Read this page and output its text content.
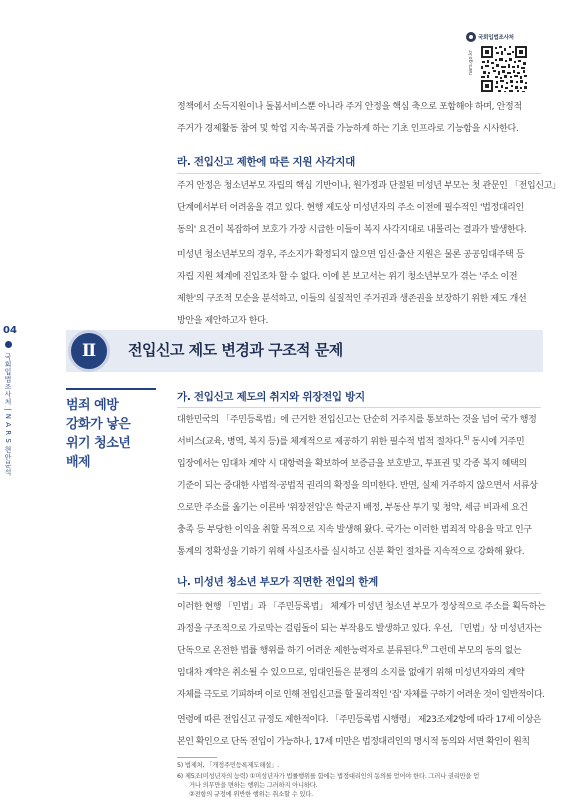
국회입법조사처
nars.go.kr
정책에서 소득지원이나 돌봄서비스뿐 아니라 주거 안정을 핵심 축으로 포함해야 하며, 안정적
주거가 경제활동 참여 및 학업 지속·복귀를 가능하게 하는 기초 인프라로 기능함을 시사한다.
라. 전입신고 제한에 따른 지원 사각지대
주거 안정은 청소년부모 자립의 핵심 기반이나, 원가정과 단절된 미성년 부모는 첫 관문인 「전입신고」
단계에서부터 어려움을 겪고 있다. 현행 제도상 미성년자의 주소 이전에 필수적인 '법정대리인
동의' 요건이 복잡하여 보호가 가장 시급한 이들이 복지 사각지대로 내몰리는 결과가 발생한다.
미성년 청소년부모의 경우, 주소지가 확정되지 않으면 임신·출산 지원은 물론 공공임대주택 등
자립 지원 체계에 진입조차 할 수 없다. 이에 본 보고서는 위기 청소년부모가 겪는 '주소 이전
제한'의 구조적 모순을 분석하고, 이들의 실질적인 주거권과 생존권을 보장하기 위한 제도 개선
방안을 제안하고자 한다.
04
국회입법조사처 | N A R S 현안분석
Ⅱ	전입신고 제도 변경과 구조적 문제
범죄 예방
강화가 낳은
위기 청소년
배제
가. 전입신고 제도의 취지와 위장전입 방지
대한민국의 「주민등록법」에 근거한 전입신고는 단순히 거주지를 통보하는 것을 넘어 국가 행정
서비스(교육, 병역, 복지 등)를 체계적으로 제공하기 위한 필수적 법적 절차다.$^{5)}$ 동시에 거주민
입장에서는 임대차 계약 시 대항력을 확보하여 보증금을 보호받고, 투표권 및 각종 복지 혜택의
기준이 되는 중대한 사법적·공법적 권리의 확정을 의미한다. 반면, 실제 거주하지 않으면서 서류상
으로만 주소를 옮기는 이른바 '위장전입'은 학군지 배정, 부동산 투기 및 청약, 세금 비과세 요건
충족 등 부당한 이익을 취할 목적으로 지속 발생해 왔다. 국가는 이러한 범죄적 악용을 막고 인구
통계의 정확성을 기하기 위해 사실조사를 실시하고 신분 확인 절차를 지속적으로 강화해 왔다.
나. 미성년 청소년 부모가 직면한 전입의 한계
이러한 현행 「민법」과 「주민등록법」 체계가 미성년 청소년 부모가 정상적으로 주소를 획득하는
과정을 구조적으로 가로막는 걸림돌이 되는 부작용도 발생하고 있다. 우선, 「민법」상 미성년자는
단독으로 온전한 법률 행위를 하기 어려운 제한능력자로 분류된다.$^{6)}$ 그런데 부모의 동의 없는
임대차 계약은 취소될 수 있으므로, 임대인들은 분쟁의 소지를 없애기 위해 미성년자와의 계약
자체를 극도로 기피하며 이로 인해 전입신고를 할 물리적인 '집' 자체를 구하기 어려운 것이 일반적이다.
연령에 따른 전입신고 규정도 제한적이다. 「주민등록법 시행령」 제23조제2항에 따라 17세 이상은
본인 확인으로 단독 전입이 가능하나, 17세 미만은 법정대리인의 명시적 동의와 서면 확인이 원칙
5) 법제처, 「개정주민등록제도해설」.
6) 제5조(미성년자의 능력) ①미성년자가 법률행위를 함에는 법정대리인의 동의를 얻어야 한다. 그러나 권리만을 얻
거나 의무만을 면하는 행위는 그러하지 아니하다.
②전항의 규정에 위반한 행위는 취소할 수 있다.
